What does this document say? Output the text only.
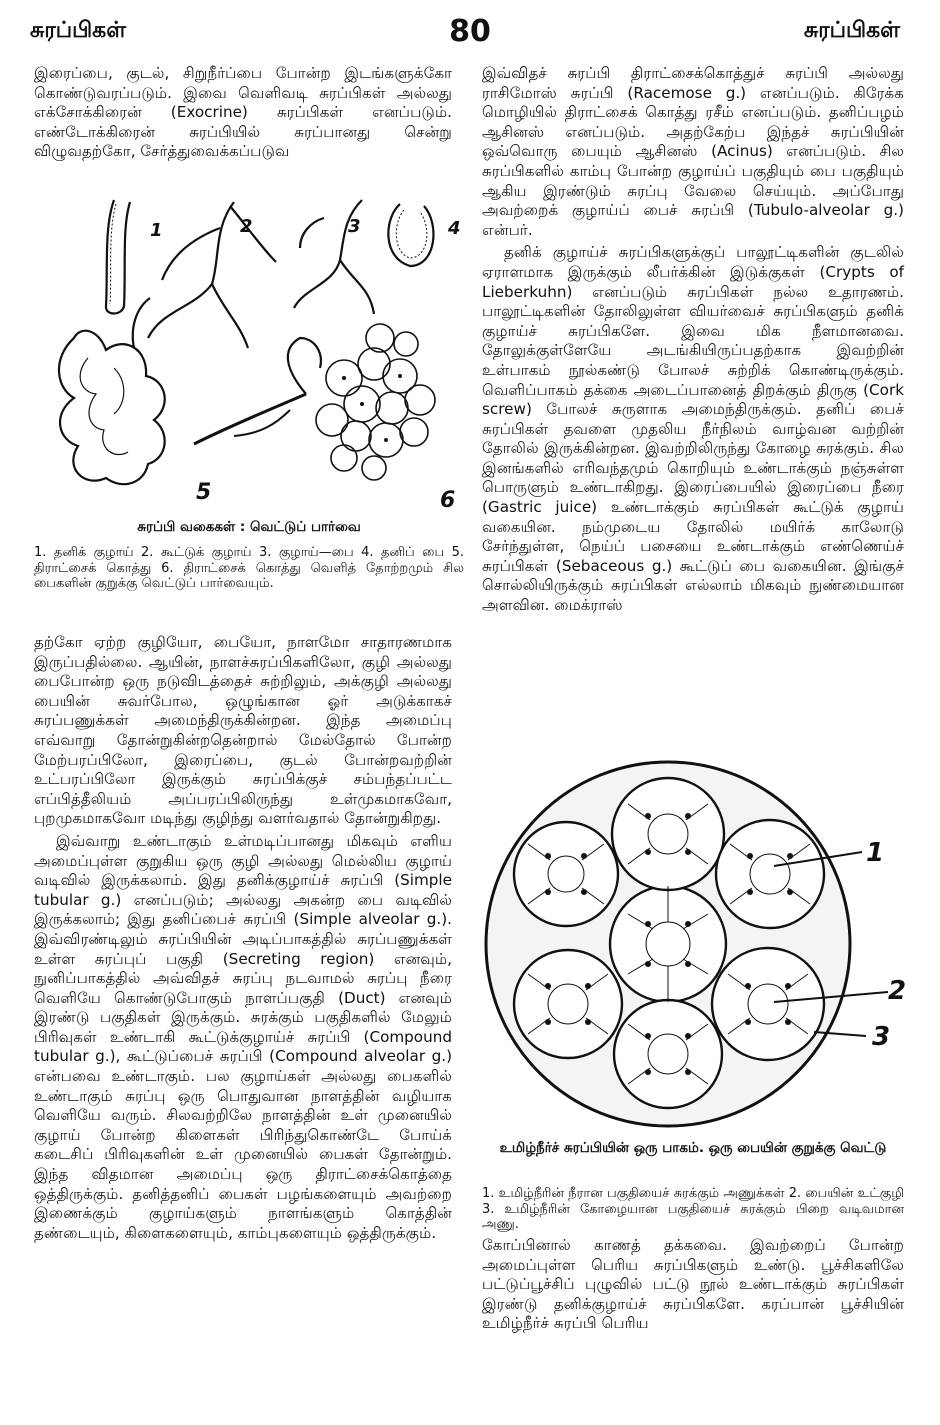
சுரப்பிகள்	80	சுரப்பிகள்

இரைப்பை, குடல், சிறுநீர்ப்பை போன்ற இடங்களுக்கோ கொண்டுவரப்படும். இவை வெளிவடி சுரப்பிகள் அல்லது எக்சோக்கிரைன் (Exocrine) சுரப்பிகள் எனப்படும். எண்டோக்கிரைன் சுரப்பியில் சுரப்பானது சென்று விழுவதற்கோ, சேர்த்துவைக்கப்படுவ

1	2	3	4
5	6
சுரப்பி வகைகள் : வெட்டுப் பார்வை
1. தனிக் குழாய் 2. கூட்டுக் குழாய் 3. குழாய்—பை 4. தனிப் பை 5. திராட்சைக் கொத்து 6. திராட்சைக் கொத்து வெளித் தோற்றமும் சில பைகளின் குறுக்கு வெட்டுப் பார்வையும்.

தற்கோ ஏற்ற குழியோ, பையோ, நாளமோ சாதாரணமாக இருப்பதில்லை. ஆயின், நாளச்சுரப்பிகளிலோ, குழி அல்லது பைபோன்ற ஒரு நடுவிடத்தைச் சுற்றிலும், அக்குழி அல்லது பையின் சுவர்போல, ஒழுங்கான ஓர் அடுக்காகச் சுரப்பணுக்கள் அமைந்திருக்கின்றன. இந்த அமைப்பு எவ்வாறு தோன்றுகின்றதென்றால் மேல்தோல் போன்ற மேற்பரப்பிலோ, இரைப்பை, குடல் போன்றவற்றின் உட்பரப்பிலோ இருக்கும் சுரப்பிக்குச் சம்பந்தப்பட்ட எப்பித்தீலியம் அப்பரப்பிலிருந்து உள்முகமாகவோ, புறமுகமாகவோ மடிந்து குழிந்து வளர்வதால் தோன்றுகிறது.

இவ்வாறு உண்டாகும் உள்மடிப்பானது மிகவும் எளிய அமைப்புள்ள குறுகிய ஒரு குழி அல்லது மெல்லிய குழாய் வடிவில் இருக்கலாம். இது தனிக்குழாய்ச் சுரப்பி (Simple tubular g.) எனப்படும்; அல்லது அகன்ற பை வடிவில் இருக்கலாம்; இது தனிப்பைச் சுரப்பி (Simple alveolar g.). இவ்விரண்டிலும் சுரப்பியின் அடிப்பாகத்தில் சுரப்பணுக்கள் உள்ள சுரப்புப் பகுதி (Secreting region) எனவும், நுனிப்பாகத்தில் அவ்விதச் சுரப்பு நடவாமல் சுரப்பு நீரை வெளியே கொண்டுபோகும் நாளப்பகுதி (Duct) எனவும் இரண்டு பகுதிகள் இருக்கும். சுரக்கும் பகுதிகளில் மேலும் பிரிவுகள் உண்டாகி கூட்டுக்குழாய்ச் சுரப்பி (Compound tubular g.), கூட்டுப்பைச் சுரப்பி (Compound alveolar g.) என்பவை உண்டாகும். பல குழாய்கள் அல்லது பைகளில் உண்டாகும் சுரப்பு ஒரு பொதுவான நாளத்தின் வழியாக வெளியே வரும். சிலவற்றிலே நாளத்தின் உள் முனையில் குழாய் போன்ற கிளைகள் பிரிந்துகொண்டே போய்க் கடைசிப் பிரிவுகளின் உள் முனையில் பைகள் தோன்றும். இந்த விதமான அமைப்பு ஒரு திராட்சைக்கொத்தை ஒத்திருக்கும். தனித்தனிப் பைகள் பழங்களையும் அவற்றை இணைக்கும் குழாய்களும் நாளங்களும் கொத்தின் தண்டையும், கிளைகளையும், காம்புகளையும் ஒத்திருக்கும்.

இவ்விதச் சுரப்பி திராட்சைக்கொத்துச் சுரப்பி அல்லது ராசிமோஸ் சுரப்பி (Racemose g.) எனப்படும். கிரேக்க மொழியில் திராட்சைக் கொத்து ரசீம் எனப்படும். தனிப்பழம் ஆசினஸ் எனப்படும். அதற்கேற்ப இந்தச் சுரப்பியின் ஒவ்வொரு பையும் ஆசினஸ் (Acinus) எனப்படும். சில சுரப்பிகளில் காம்பு போன்ற குழாய்ப் பகுதியும் பை பகுதியும் ஆகிய இரண்டும் சுரப்பு வேலை செய்யும். அப்போது அவற்றைக் குழாய்ப் பைச் சுரப்பி (Tubulo-alveolar g.) என்பர்.

தனிக் குழாய்ச் சுரப்பிகளுக்குப் பாலூட்டிகளின் குடலில் ஏராளமாக இருக்கும் லீபர்க்கின் இடுக்குகள் (Crypts of Lieberkuhn) எனப்படும் சுரப்பிகள் நல்ல உதாரணம். பாலூட்டிகளின் தோலிலுள்ள வியர்வைச் சுரப்பிகளும் தனிக் குழாய்ச் சுரப்பிகளே. இவை மிக நீளமானவை. தோலுக்குள்ளேயே அடங்கியிருப்பதற்காக இவற்றின் உள்பாகம் நூல்கண்டு போலச் சுற்றிக் கொண்டிருக்கும். வெளிப்பாகம் தக்கை அடைப்பானைத் திறக்கும் திருகு (Cork screw) போலச் சுருளாக அமைந்திருக்கும். தனிப் பைச் சுரப்பிகள் தவளை முதலிய நீர்நிலம் வாழ்வன வற்றின் தோலில் இருக்கின்றன. இவற்றிலிருந்து கோழை சுரக்கும். சில இனங்களில் எரிவந்தமும் கொறியும் உண்டாக்கும் நஞ்சுள்ள பொருளும் உண்டாகிறது. இரைப்பையில் இரைப்பை நீரை (Gastric juice) உண்டாக்கும் சுரப்பிகள் கூட்டுக் குழாய் வகையின. நம்முடைய தோலில் மயிர்க் காலோடு சேர்ந்துள்ள, நெய்ப் பசையை உண்டாக்கும் எண்ணெய்ச் சுரப்பிகள் (Sebaceous g.) கூட்டுப் பை வகையின. இங்குச் சொல்லியிருக்கும் சுரப்பிகள் எல்லாம் மிகவும் நுண்மையான அளவின. மைக்ராஸ்

1
2
3
உமிழ்நீர்ச் சுரப்பியின் ஒரு பாகம். ஒரு பையின் குறுக்கு வெட்டு
1. உமிழ்நீரின் நீரான பகுதியைச் சுரக்கும் அணுக்கள் 2. பையின் உட்குழி 3. உமிழ்நீரின் கோழையான பகுதியைச் சுரக்கும் பிறை வடிவமான அணு.

கோப்பினால் காணத் தக்கவை. இவற்றைப் போன்ற அமைப்புள்ள பெரிய சுரப்பிகளும் உண்டு. பூச்சிகளிலே பட்டுப்பூச்சிப் புழுவில் பட்டு நூல் உண்டாக்கும் சுரப்பிகள் இரண்டு தனிக்குழாய்ச் சுரப்பிகளே. கரப்பான் பூச்சியின் உமிழ்நீர்ச் சுரப்பி பெரிய
